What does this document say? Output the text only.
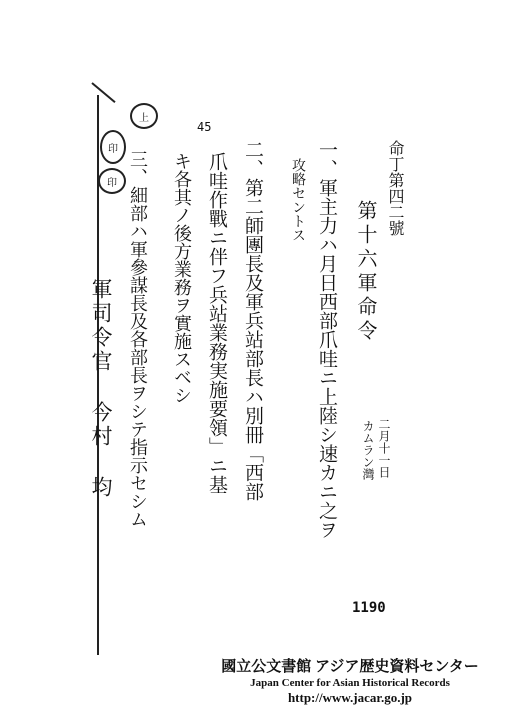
上
印
印
45
命丁第四二號
第十六軍命令
二月十一日
カムラン灣
一、軍主力ハ月日西部爪哇ニ上陸シ速カニ之ヲ
攻略セントス
二、第二師團長及軍兵站部長ハ別冊「西部
爪哇作戰ニ伴フ兵站業務実施要領」ニ基
キ各其ノ後方業務ヲ實施スベシ
三、細部ハ軍參謀長及各部長ヲシテ指示セシム
軍司令官 今村 均
1190
國立公文書館 アジア歴史資料センター
Japan Center for Asian Historical Records
http://www.jacar.go.jp
